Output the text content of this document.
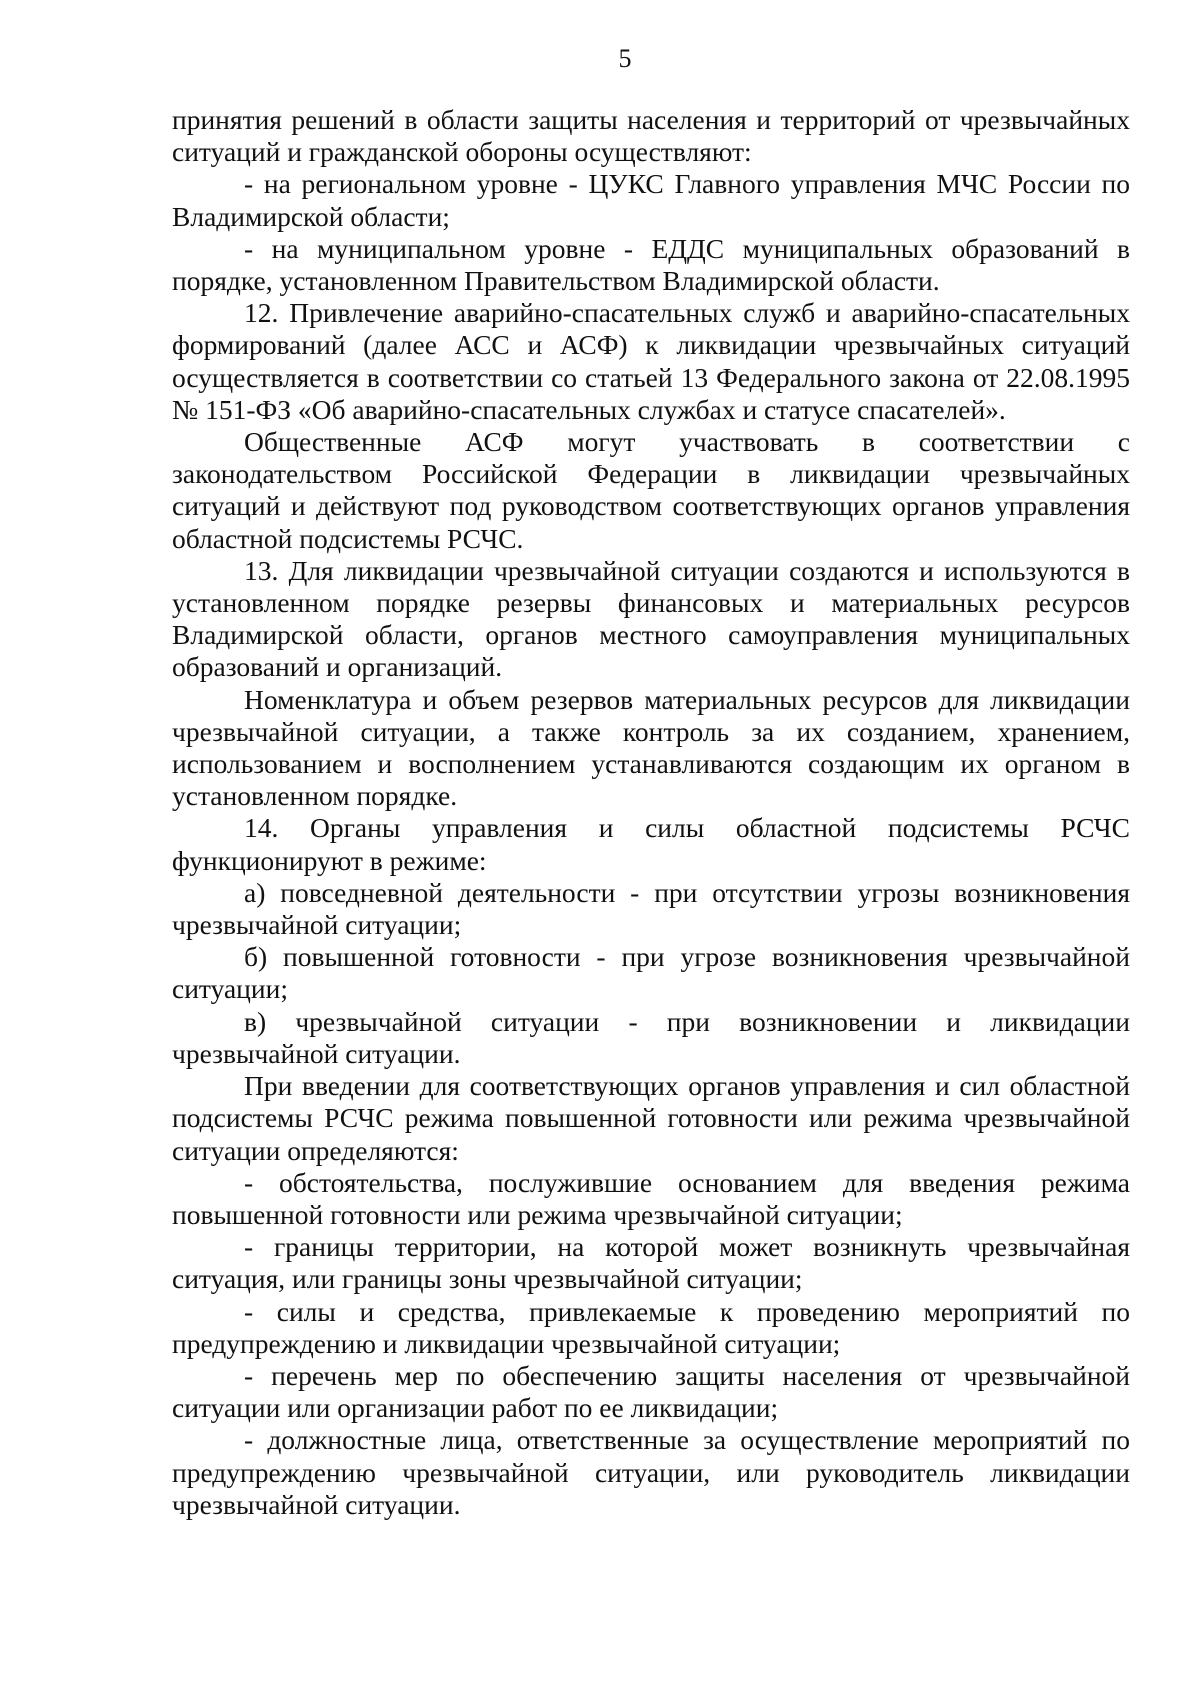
5

принятия решений в области защиты населения и территорий от чрезвычайных ситуаций и гражданской обороны осуществляют:

- на региональном уровне - ЦУКС Главного управления МЧС России по Владимирской области;

- на муниципальном уровне - ЕДДС муниципальных образований в порядке, установленном Правительством Владимирской области.

12. Привлечение аварийно-спасательных служб и аварийно-спасательных формирований (далее АСС и АСФ) к ликвидации чрезвычайных ситуаций осуществляется в соответствии со статьей 13 Федерального закона от 22.08.1995 № 151-ФЗ «Об аварийно-спасательных службах и статусе спасателей».

Общественные АСФ могут участвовать в соответствии с законодательством Российской Федерации в ликвидации чрезвычайных ситуаций и действуют под руководством соответствующих органов управления областной подсистемы РСЧС.

13. Для ликвидации чрезвычайной ситуации создаются и используются в установленном порядке резервы финансовых и материальных ресурсов Владимирской области, органов местного самоуправления муниципальных образований и организаций.

Номенклатура и объем резервов материальных ресурсов для ликвидации чрезвычайной ситуации, а также контроль за их созданием, хранением, использованием и восполнением устанавливаются создающим их органом в установленном порядке.

14. Органы управления и силы областной подсистемы РСЧС функционируют в режиме:

а) повседневной деятельности - при отсутствии угрозы возникновения чрезвычайной ситуации;

б) повышенной готовности - при угрозе возникновения чрезвычайной ситуации;

в) чрезвычайной ситуации - при возникновении и ликвидации чрезвычайной ситуации.

При введении для соответствующих органов управления и сил областной подсистемы РСЧС режима повышенной готовности или режима чрезвычайной ситуации определяются:

- обстоятельства, послужившие основанием для введения режима повышенной готовности или режима чрезвычайной ситуации;

- границы территории, на которой может возникнуть чрезвычайная ситуация, или границы зоны чрезвычайной ситуации;

- силы и средства, привлекаемые к проведению мероприятий по предупреждению и ликвидации чрезвычайной ситуации;

- перечень мер по обеспечению защиты населения от чрезвычайной ситуации или организации работ по ее ликвидации;

- должностные лица, ответственные за осуществление мероприятий по предупреждению чрезвычайной ситуации, или руководитель ликвидации чрезвычайной ситуации.
